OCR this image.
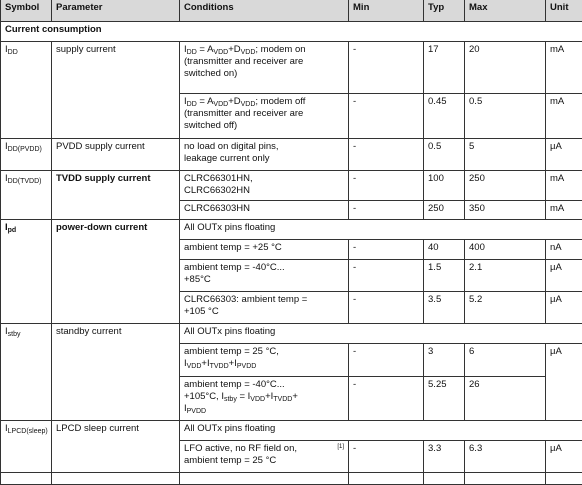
Symbol	Parameter	Conditions		Min	Typ	Max	Unit
Current consumption							
$I_{DD}$	supply current	$I_{DD} = A_{VDD}+D_{VDD}$; modem on (transmitter and receiver are switched on)		-	17	20	mA
		$I_{DD} = A_{VDD}+D_{VDD}$; modem off (transmitter and receiver are switched off)		-	0.45	0.5	mA
$I_{DD(PVDD)}$	PVDD supply current	no load on digital pins, leakage current only		-	0.5	5	μA
$I_{DD(TVDD)}$	TVDD supply current	CLRC66301HN, CLRC66302HN		-	100	250	mA
		CLRC66303HN		-	250	350	mA
$I_{pd}$	power-down current	All OUTx pins floating					
		ambient temp = +25 °C		-	40	400	nA
		ambient temp = -40°C... +85°C		-	1.5	2.1	μA
		CLRC66303: ambient temp = +105 °C		-	3.5	5.2	μA
$I_{stby}$	standby current	All OUTx pins floating					
		ambient temp = 25 °C, $I_{VDD}+I_{TVDD}+I_{PVDD}$		-	3	6	μA
		ambient temp = -40°C... +105°C, $I_{stby} = I_{VDD}+I_{TVDD}+ I_{PVDD}$		-	5.25	26	
$I_{LPCD(sleep)}$	LPCD sleep current	All OUTx pins floating					
		LFO active, no RF field on, ambient temp = 25 °C	[1]	-	3.3	6.3	μA
